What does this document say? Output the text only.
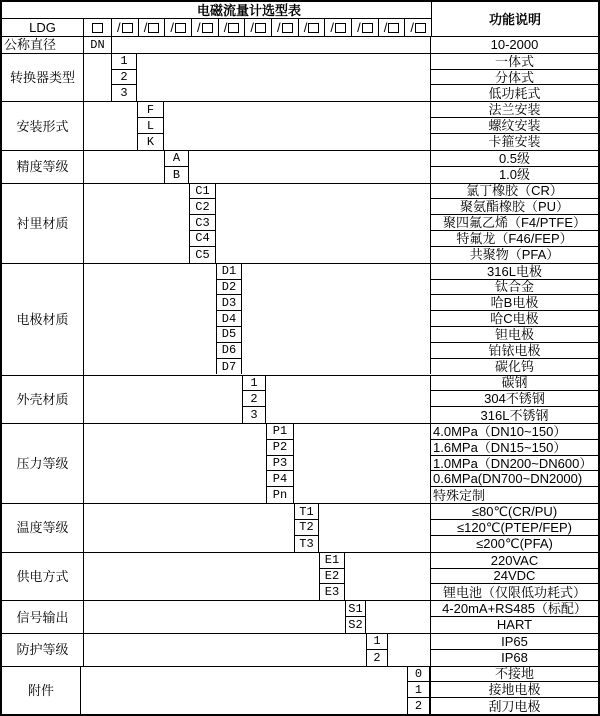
电磁流量计选型表
LDG	/ / / / / / / / / / / /
功能说明
公称直径	DN	10-2000
转换器类型
1	一体式
2	分体式
3	低功耗式
安装形式
F	法兰安装
L	螺纹安装
K	卡箍安装
精度等级
A	0.5级
B	1.0级
衬里材质
C1	氯丁橡胶（CR）
C2	聚氨酯橡胶（PU）
C3	聚四氟乙烯（F4/PTFE）
C4	特氟龙（F46/FEP）
C5	共聚物（PFA）
电极材质
D1	316L电极
D2	钛合金
D3	哈B电极
D4	哈C电极
D5	钽电极
D6	铂铱电极
D7	碳化钨
外壳材质
1	碳钢
2	304不锈钢
3	316L不锈钢
压力等级
P1	4.0MPa（DN10~150）
P2	1.6MPa（DN15~150）
P3	1.0MPa（DN200~DN600）
P4	0.6MPa(DN700~DN2000)
Pn	特殊定制
温度等级
T1	≤80℃(CR/PU)
T2	≤120℃(PTEP/FEP)
T3	≤200℃(PFA)
供电方式
E1	220VAC
E2	24VDC
E3	锂电池（仅限低功耗式）
信号输出
S1	4-20mA+RS485（标配）
S2	HART
防护等级
1	IP65
2	IP68
附件
0	不接地
1	接地电极
2	刮刀电极
